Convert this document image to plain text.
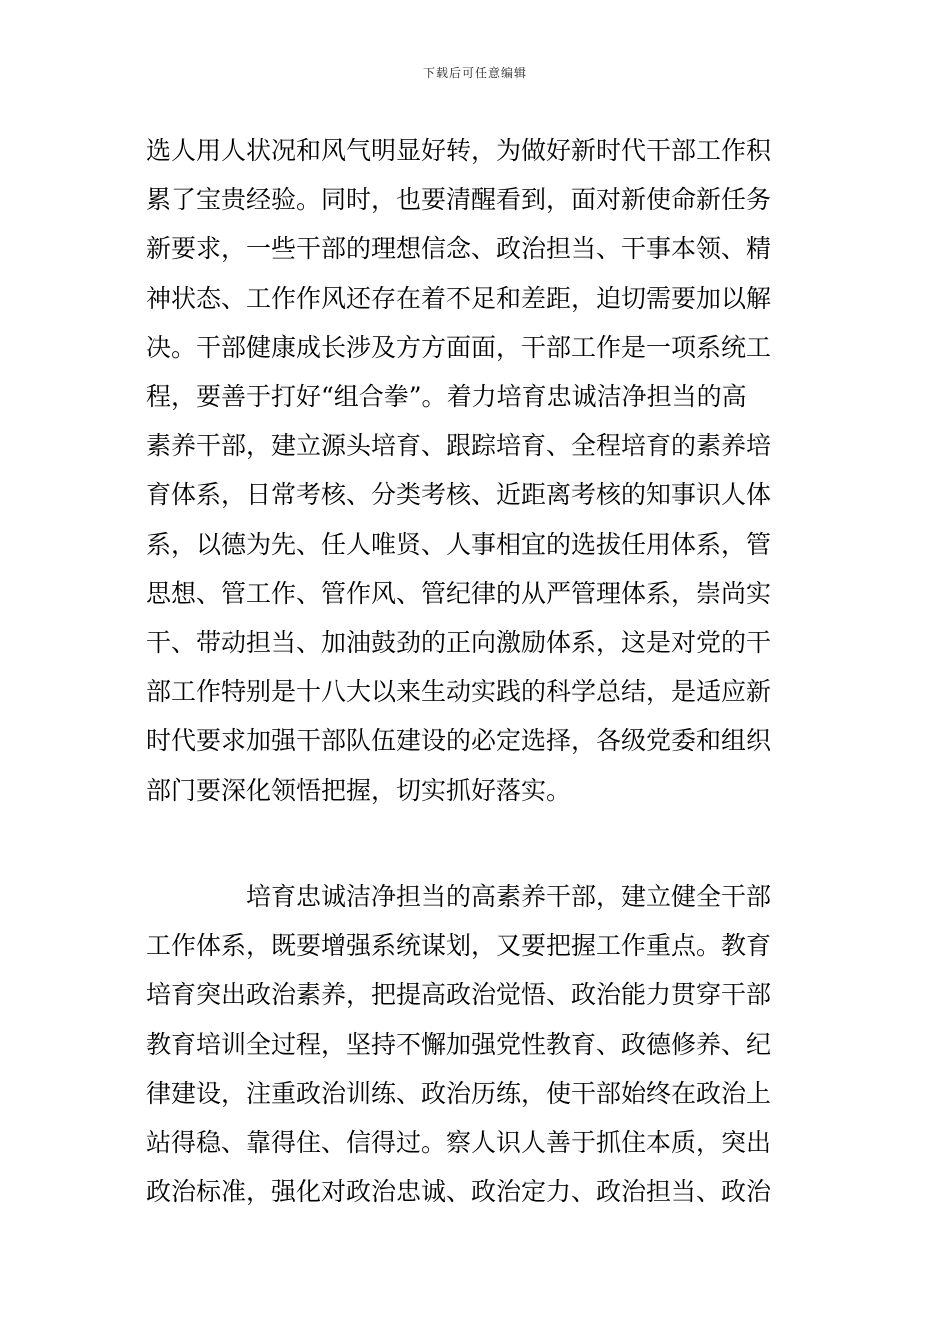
下载后可任意编辑
选人用人状况和风气明显好转，为做好新时代干部工作积
累了宝贵经验。同时，也要清醒看到，面对新使命新任务
新要求，一些干部的理想信念、政治担当、干事本领、精
神状态、工作作风还存在着不足和差距，迫切需要加以解
决。干部健康成长涉及方方面面，干部工作是一项系统工
程，要善于打好“组合拳”。着力培育忠诚洁净担当的高
素养干部，建立源头培育、跟踪培育、全程培育的素养培
育体系，日常考核、分类考核、近距离考核的知事识人体
系，以德为先、任人唯贤、人事相宜的选拔任用体系，管
思想、管工作、管作风、管纪律的从严管理体系，崇尚实
干、带动担当、加油鼓劲的正向激励体系，这是对党的干
部工作特别是十八大以来生动实践的科学总结，是适应新
时代要求加强干部队伍建设的必定选择，各级党委和组织
部门要深化领悟把握，切实抓好落实。
培育忠诚洁净担当的高素养干部，建立健全干部
工作体系，既要增强系统谋划，又要把握工作重点。教育
培育突出政治素养，把提高政治觉悟、政治能力贯穿干部
教育培训全过程，坚持不懈加强党性教育、政德修养、纪
律建设，注重政治训练、政治历练，使干部始终在政治上
站得稳、靠得住、信得过。察人识人善于抓住本质，突出
政治标准，强化对政治忠诚、政治定力、政治担当、政治
